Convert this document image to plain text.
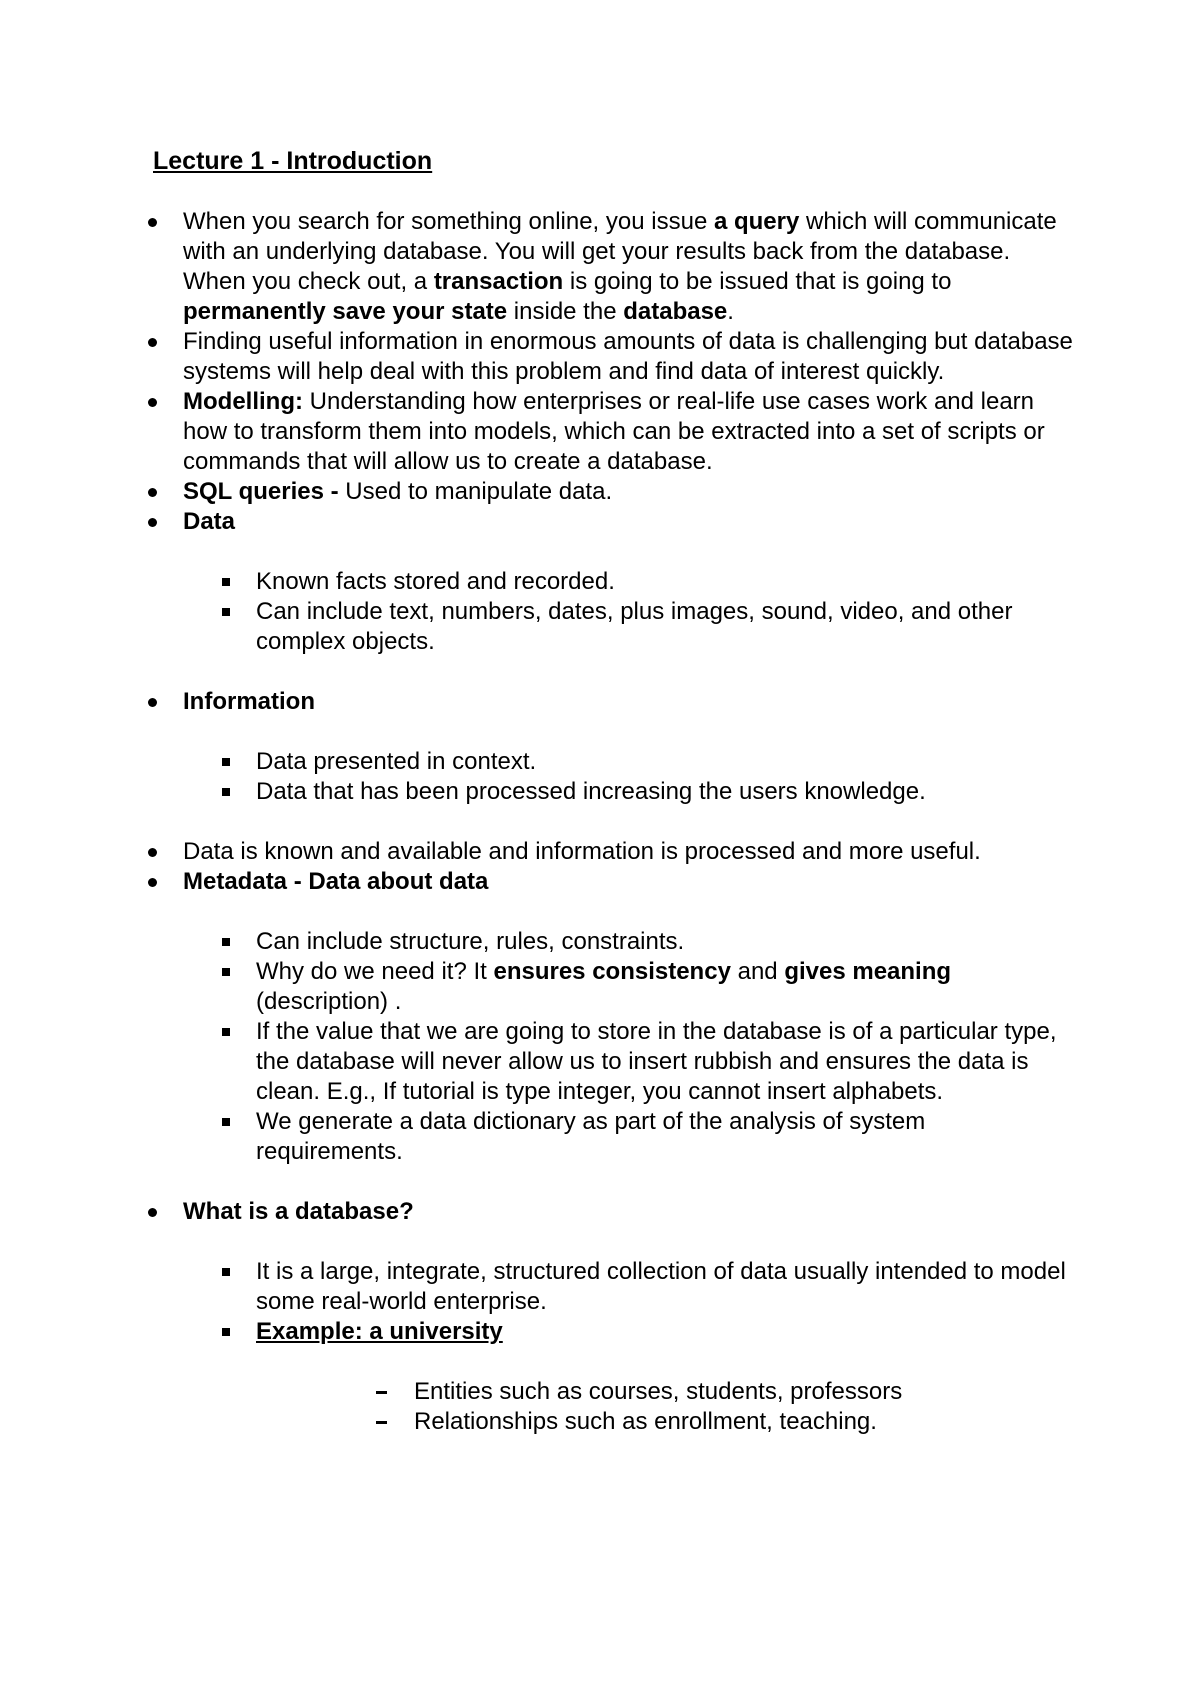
Lecture 1 - Introduction
When you search for something online, you issue a query which will communicate with an underlying database. You will get your results back from the database. When you check out, a transaction is going to be issued that is going to permanently save your state inside the database.
Finding useful information in enormous amounts of data is challenging but database systems will help deal with this problem and find data of interest quickly.
Modelling: Understanding how enterprises or real-life use cases work and learn how to transform them into models, which can be extracted into a set of scripts or commands that will allow us to create a database.
SQL queries - Used to manipulate data.
Data
Known facts stored and recorded.
Can include text, numbers, dates, plus images, sound, video, and other complex objects.
Information
Data presented in context.
Data that has been processed increasing the users knowledge.
Data is known and available and information is processed and more useful.
Metadata - Data about data
Can include structure, rules, constraints.
Why do we need it? It ensures consistency and gives meaning (description) .
If the value that we are going to store in the database is of a particular type, the database will never allow us to insert rubbish and ensures the data is clean. E.g., If tutorial is type integer, you cannot insert alphabets.
We generate a data dictionary as part of the analysis of system requirements.
What is a database?
It is a large, integrate, structured collection of data usually intended to model some real-world enterprise.
Example: a university
Entities such as courses, students, professors
Relationships such as enrollment, teaching.
